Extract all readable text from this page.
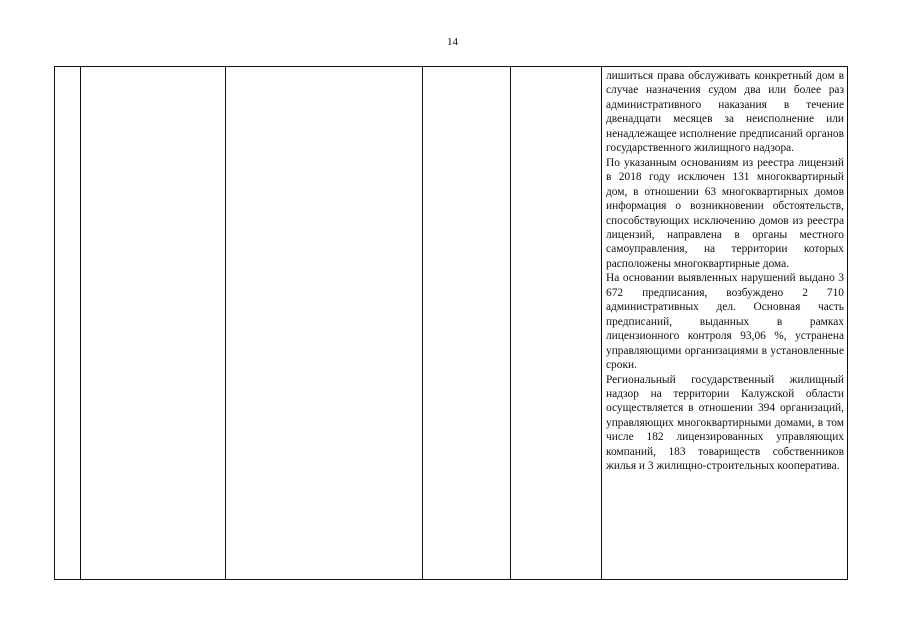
14

лишиться права обслуживать конкретный дом в случае назначения судом два или более раз административного наказания в течение двенадцати месяцев за неисполнение или ненадлежащее исполнение предписаний органов государственного жилищного надзора.

По указанным основаниям из реестра лицензий в 2018 году исключен 131 многоквартирный дом, в отношении 63 многоквартирных домов информация о возникновении обстоятельств, способствующих исключению домов из реестра лицензий, направлена в органы местного самоуправления, на территории которых расположены многоквартирные дома.

На основании выявленных нарушений выдано 3 672 предписания, возбуждено 2 710 административных дел. Основная часть предписаний, выданных в рамках лицензионного контроля 93,06 %, устранена управляющими организациями в установленные сроки.

Региональный государственный жилищный надзор на территории Калужской области осуществляется в отношении 394 организаций, управляющих многоквартирными домами, в том числе 182 лицензированных управляющих компаний, 183 товариществ собственников жилья и 3 жилищно-строительных кооператива.
